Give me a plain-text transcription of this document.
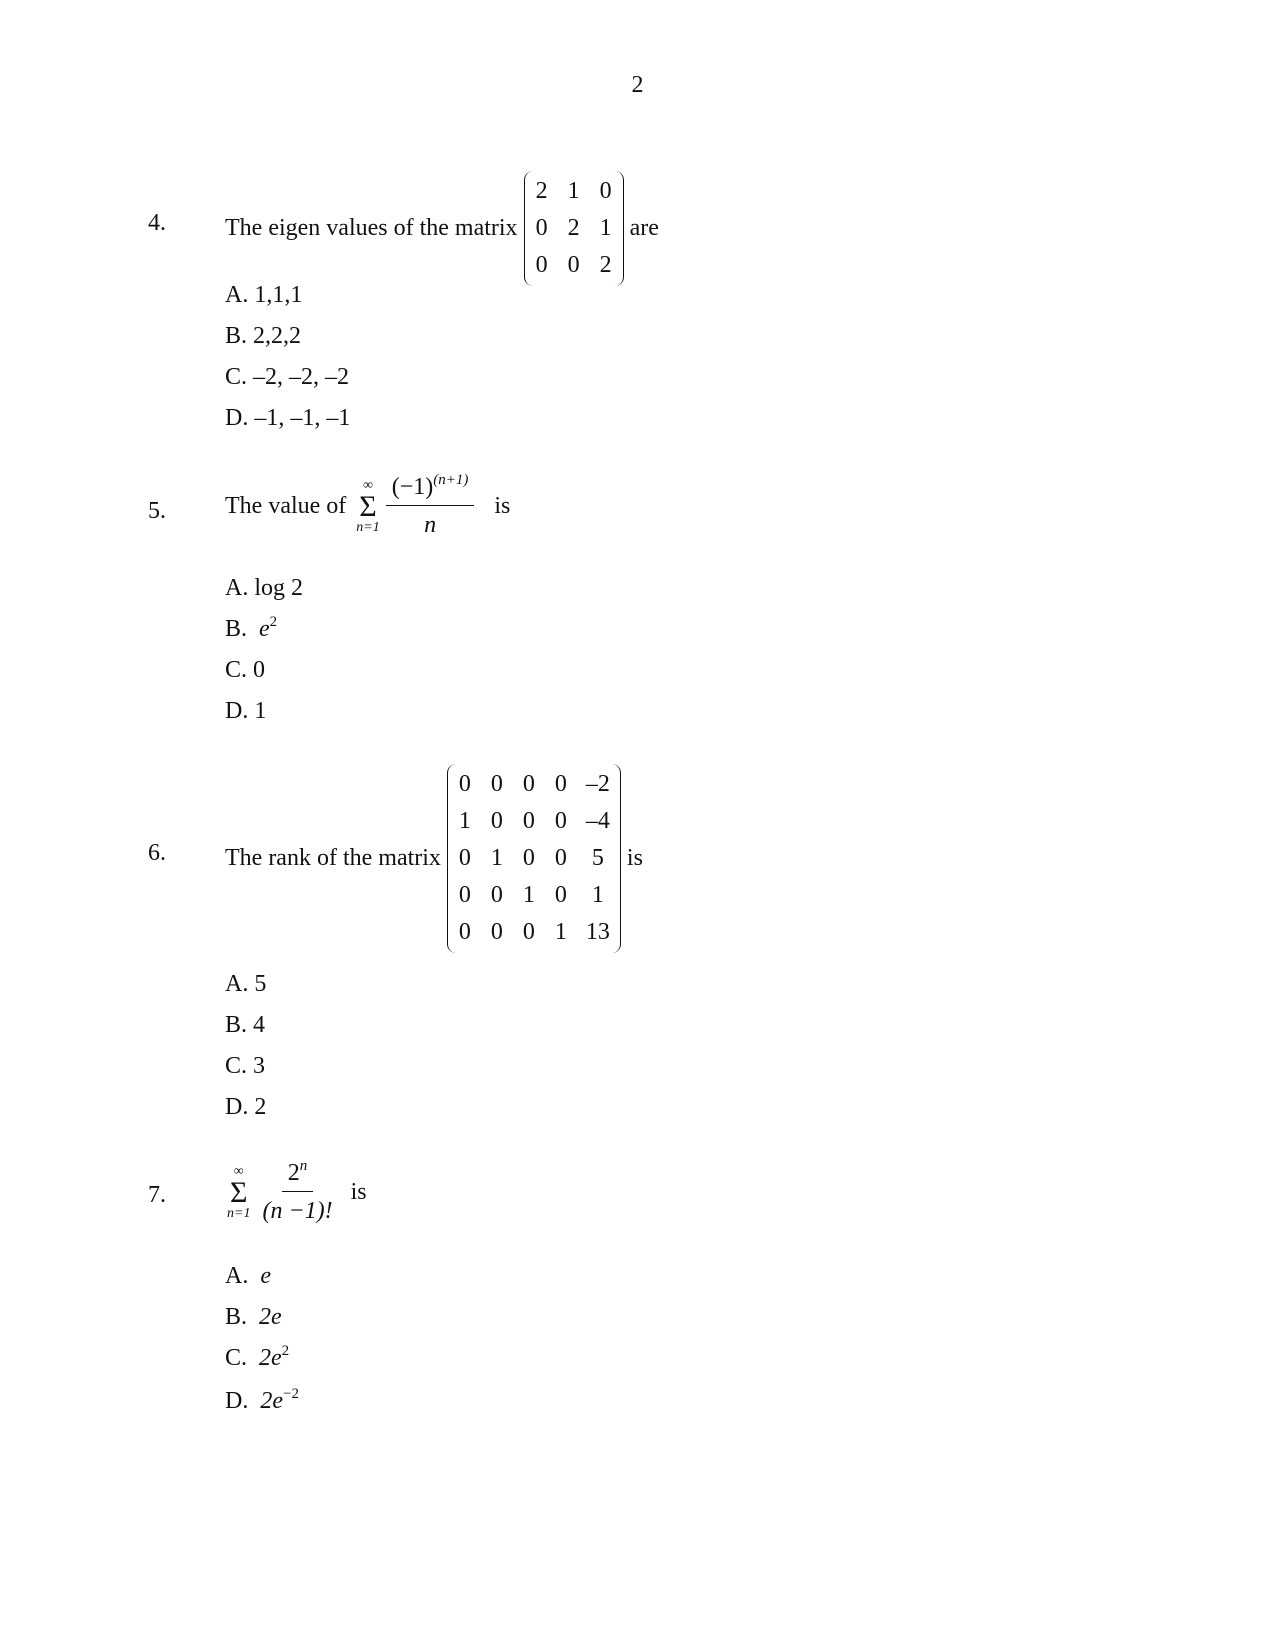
2
4. The eigen values of the matrix
2 1 0
0 2 1
0 0 2
are
A. 1,1,1
B. 2,2,2
C. –2, –2, –2
D. –1, –1, –1
5. The value of
∞
Σ
$n=1 \frac{(-1)^{(n+1)}}{n}$ is
A. log 2
B. $e^2$
C. 0
D. 1
6. The rank of the matrix
0 0 0 0 –2
1 0 0 0 –4
0 1 0 0 5
0 0 1 0 1
0 0 0 1 13
is
A. 5
B. 4
C. 3
D. 2
7.
∞
Σ
$n=1 \frac{2^n}{(n -1)!}$ is
A. e
B. 2e
C. $2e^2$
D. $2e^{-2}$
